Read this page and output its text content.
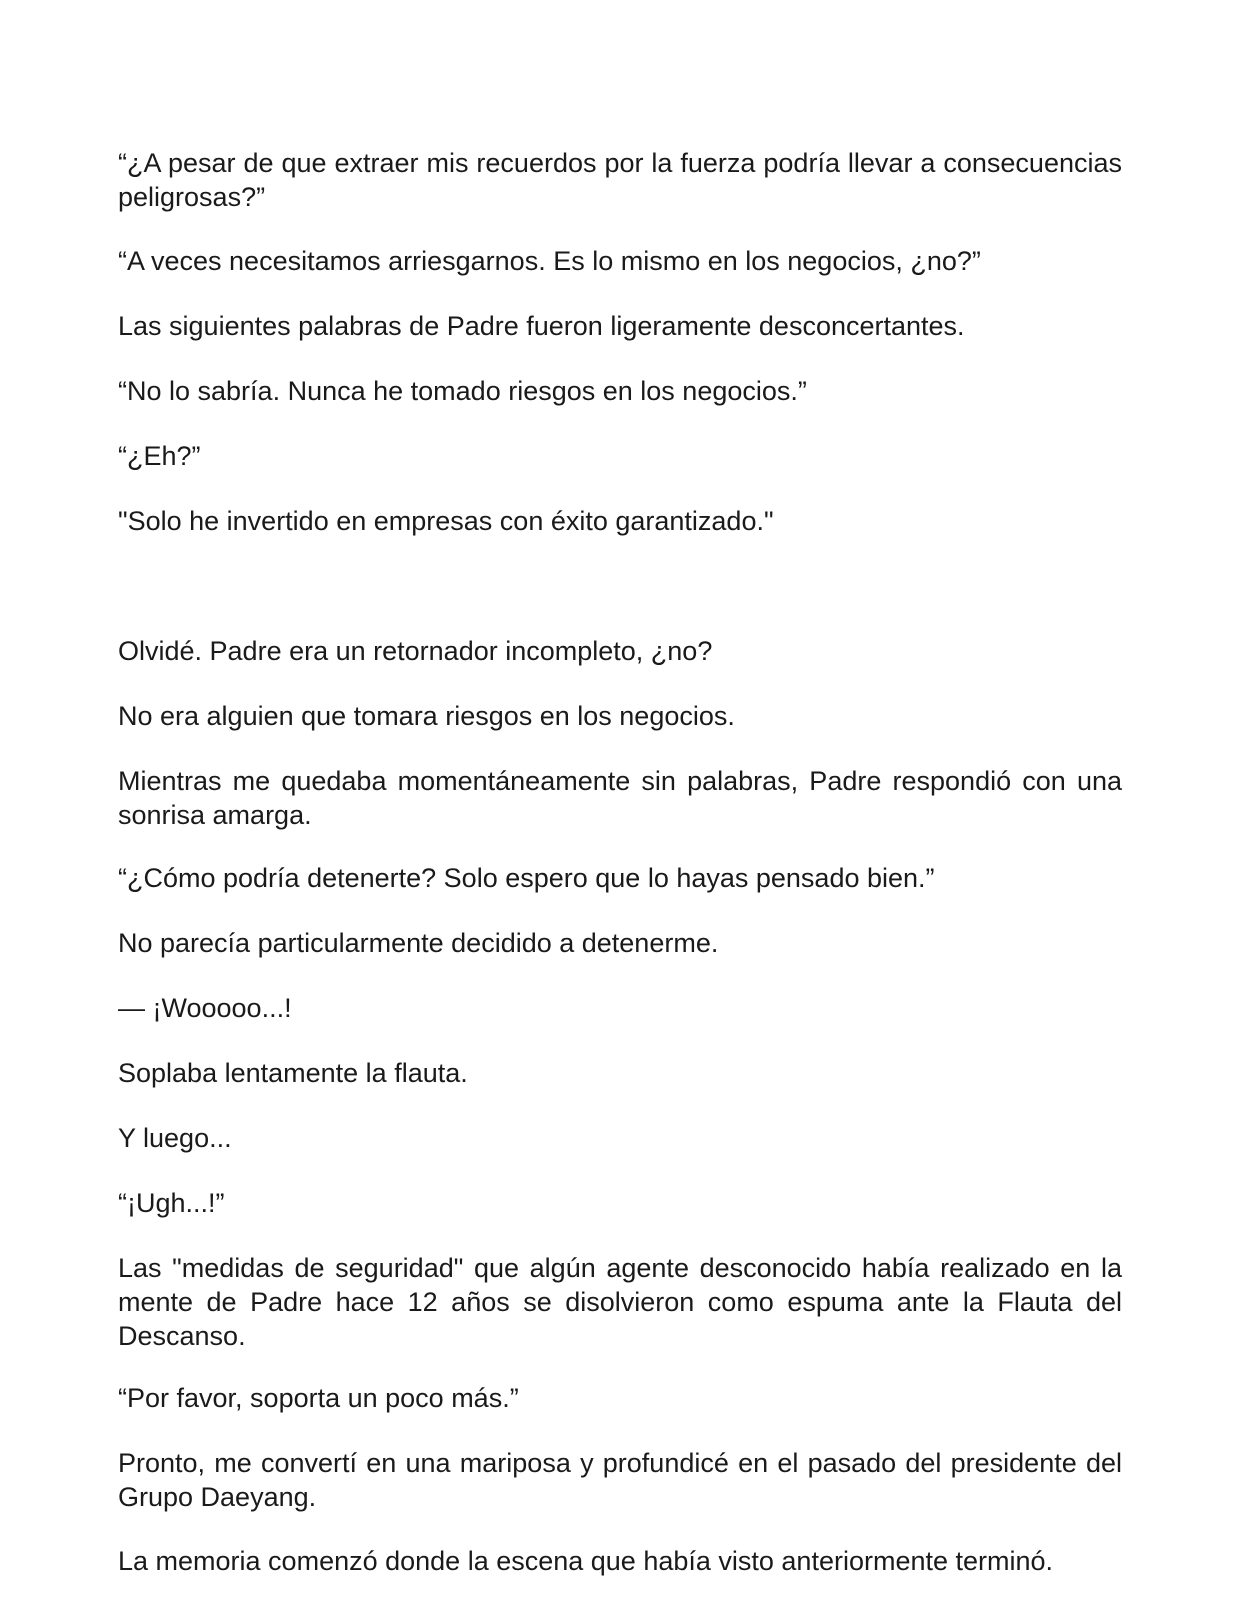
“¿A pesar de que extraer mis recuerdos por la fuerza podría llevar a consecuencias peligrosas?”

“A veces necesitamos arriesgarnos. Es lo mismo en los negocios, ¿no?”

Las siguientes palabras de Padre fueron ligeramente desconcertantes.

“No lo sabría. Nunca he tomado riesgos en los negocios.”

“¿Eh?”

"Solo he invertido en empresas con éxito garantizado."

Olvidé. Padre era un retornador incompleto, ¿no?

No era alguien que tomara riesgos en los negocios.

Mientras me quedaba momentáneamente sin palabras, Padre respondió con una sonrisa amarga.

“¿Cómo podría detenerte? Solo espero que lo hayas pensado bien.”

No parecía particularmente decidido a detenerme.

— ¡Wooooo...!

Soplaba lentamente la flauta.

Y luego...

“¡Ugh...!”

Las "medidas de seguridad" que algún agente desconocido había realizado en la mente de Padre hace 12 años se disolvieron como espuma ante la Flauta del Descanso.

“Por favor, soporta un poco más.”

Pronto, me convertí en una mariposa y profundicé en el pasado del presidente del Grupo Daeyang.

La memoria comenzó donde la escena que había visto anteriormente terminó.
